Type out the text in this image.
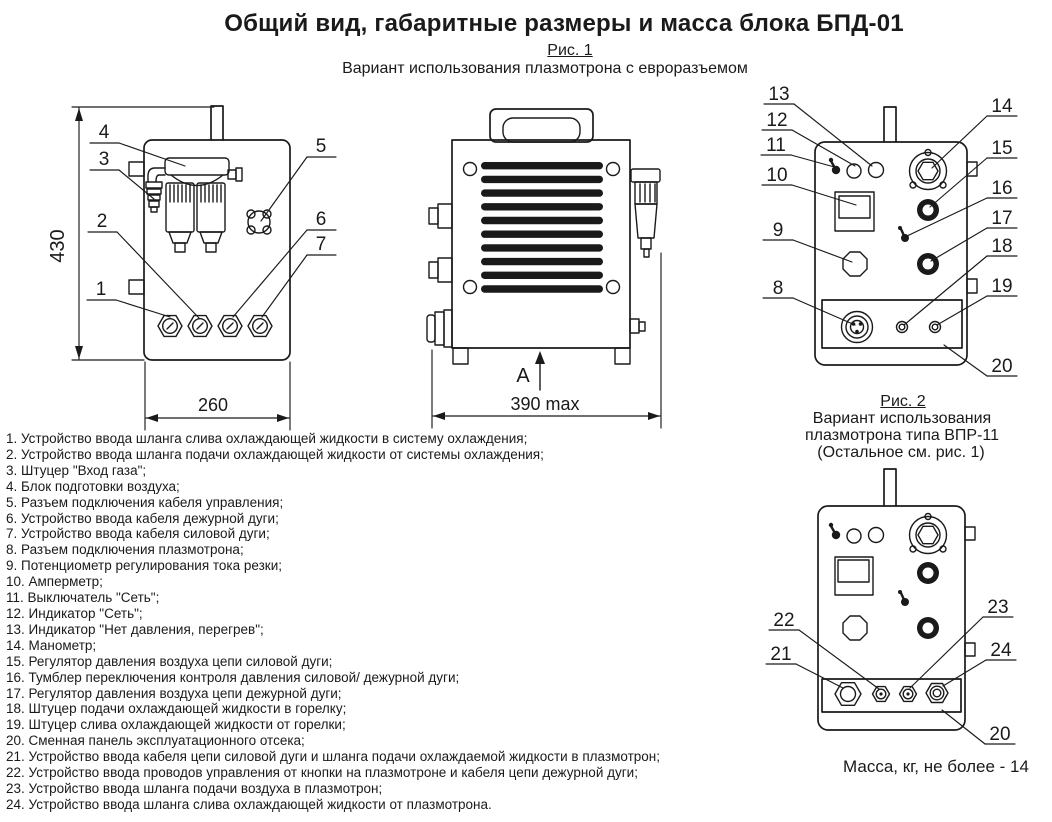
Общий вид, габаритные размеры и масса блока БПД-01
Рис. 1
Вариант использования плазмотрона с евроразъемом
Рис. 2
Вариант использования
плазмотрона типа ВПР-11
(Остальное см. рис. 1)
1. Устройство ввода шланга слива охлаждающей жидкости в систему охлаждения;
2. Устройство ввода шланга подачи охлаждающей жидкости от системы охлаждения;
3. Штуцер "Вход газа";
4. Блок подготовки воздуха;
5. Разъем подключения кабеля управления;
6. Устройство ввода кабеля дежурной дуги;
7. Устройство ввода кабеля силовой дуги;
8. Разъем подключения плазмотрона;
9. Потенциометр регулирования тока резки;
10. Амперметр;
11. Выключатель "Сеть";
12. Индикатор "Сеть";
13. Индикатор "Нет давления, перегрев";
14. Манометр;
15. Регулятор давления воздуха цепи силовой дуги;
16. Тумблер переключения контроля давления силовой/ дежурной дуги;
17. Регулятор давления воздуха цепи дежурной дуги;
18. Штуцер подачи охлаждающей жидкости в горелку;
19. Штуцер слива охлаждающей жидкости от горелки;
20. Сменная панель эксплуатационного отсека;
21. Устройство ввода кабеля цепи силовой дуги и шланга подачи охлаждаемой жидкости в плазмотрон;
22. Устройство ввода проводов управления от кнопки на плазмотроне и кабеля цепи дежурной дуги;
23. Устройство ввода шланга подачи воздуха в плазмотрон;
24. Устройство ввода шланга слива охлаждающей жидкости от плазмотрона.
Масса, кг, не более - 14
430
260
4
3
2
1
5
6
7
А
390 max
13
12
11
10
9
8
14
15
16
17
18
19
20
22
21
23
24
20
